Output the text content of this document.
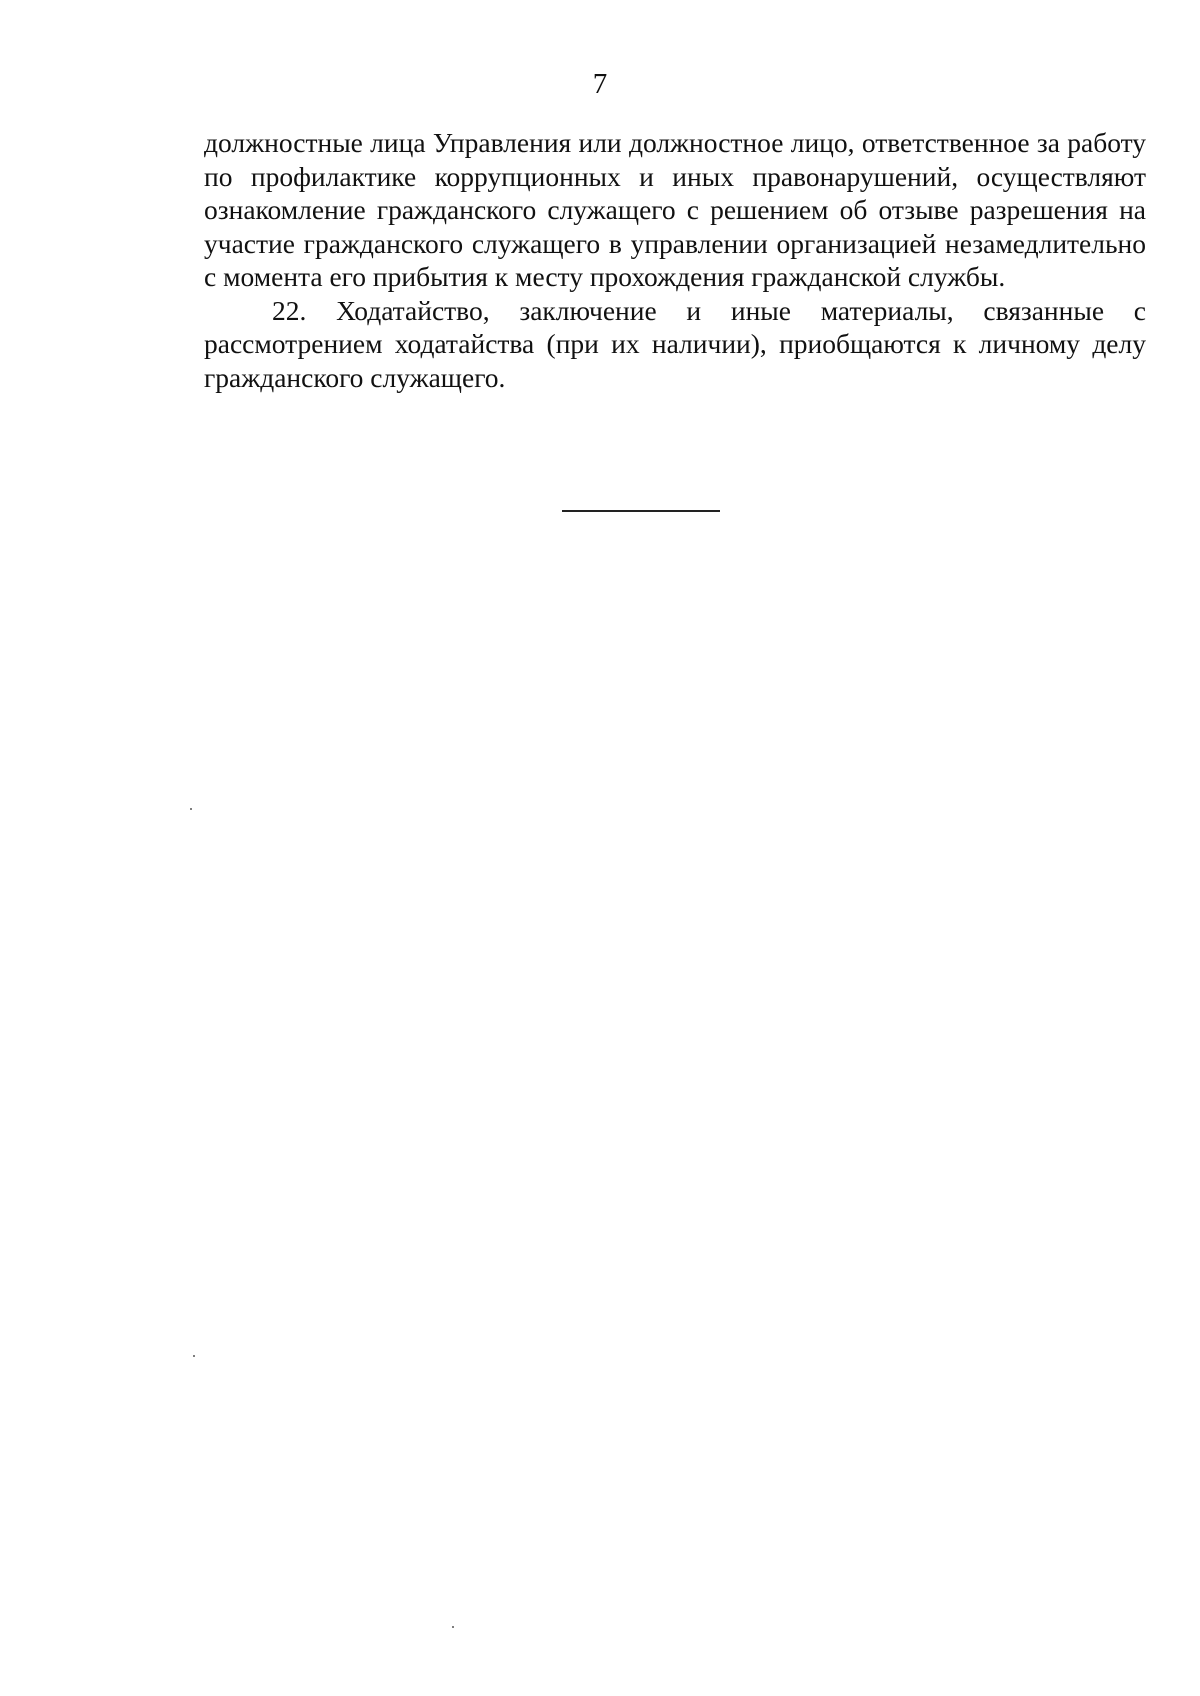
7

должностные лица Управления или должностное лицо, ответственное за работу по профилактике коррупционных и иных правонарушений, осуществляют ознакомление гражданского служащего с решением об отзыве разрешения на участие гражданского служащего в управлении организацией незамедлительно с момента его прибытия к месту прохождения гражданской службы.

22. Ходатайство, заключение и иные материалы, связанные с рассмотрением ходатайства (при их наличии), приобщаются к личному делу гражданского служащего.
